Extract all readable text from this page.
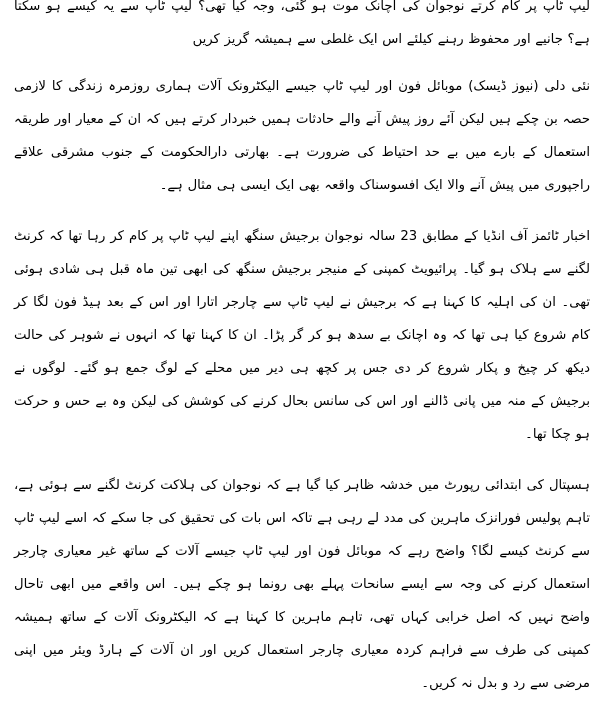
لیپ ٹاپ پر کام کرتے نوجوان کی اچانک موت ہو گئی، وجہ کیا تھی؟ لیپ ٹاپ سے یہ کیسے ہو سکتا ہے؟ جانیے اور محفوظ رہنے کیلئے اس ایک غلطی سے ہمیشہ گریز کریں

نئی دلی (نیوز ڈیسک) موبائل فون اور لیپ ٹاپ جیسے الیکٹرونک آلات ہماری روزمرہ زندگی کا لازمی حصہ بن چکے ہیں لیکن آئے روز پیش آنے والے حادثات ہمیں خبردار کرتے ہیں کہ ان کے معیار اور طریقہ استعمال کے بارے میں بے حد احتیاط کی ضرورت ہے۔ بھارتی دارالحکومت کے جنوب مشرقی علاقے راجپوری میں پیش آنے والا ایک افسوسناک واقعہ بھی ایک ایسی ہی مثال ہے۔

اخبار ٹائمز آف انڈیا کے مطابق 23 سالہ نوجوان برجیش سنگھ اپنے لیپ ٹاپ پر کام کر رہا تھا کہ کرنٹ لگنے سے ہلاک ہو گیا۔ پرائیویٹ کمپنی کے منیجر برجیش سنگھ کی ابھی تین ماہ قبل ہی شادی ہوئی تھی۔ ان کی اہلیہ کا کہنا ہے کہ برجیش نے لیپ ٹاپ سے چارجر اتارا اور اس کے بعد ہیڈ فون لگا کر کام شروع کیا ہی تھا کہ وہ اچانک بے سدھ ہو کر گر پڑا۔ ان کا کہنا تھا کہ انہوں نے شوہر کی حالت دیکھ کر چیخ و پکار شروع کر دی جس پر کچھ ہی دیر میں محلے کے لوگ جمع ہو گئے۔ لوگوں نے برجیش کے منہ میں پانی ڈالنے اور اس کی سانس بحال کرنے کی کوشش کی لیکن وہ بے حس و حرکت ہو چکا تھا۔

ہسپتال کی ابتدائی رپورٹ میں خدشہ ظاہر کیا گیا ہے کہ نوجوان کی ہلاکت کرنٹ لگنے سے ہوئی ہے، تاہم پولیس فورانزک ماہرین کی مدد لے رہی ہے تاکہ اس بات کی تحقیق کی جا سکے کہ اسے لیپ ٹاپ سے کرنٹ کیسے لگا؟ واضح رہے کہ موبائل فون اور لیپ ٹاپ جیسے آلات کے ساتھ غیر معیاری چارجر استعمال کرنے کی وجہ سے ایسے سانحات پہلے بھی رونما ہو چکے ہیں۔ اس واقعے میں ابھی تاحال واضح نہیں کہ اصل خرابی کہاں تھی، تاہم ماہرین کا کہنا ہے کہ الیکٹرونک آلات کے ساتھ ہمیشہ کمپنی کی طرف سے فراہم کردہ معیاری چارجر استعمال کریں اور ان آلات کے ہارڈ ویئر میں اپنی مرضی سے رد و بدل نہ کریں۔
